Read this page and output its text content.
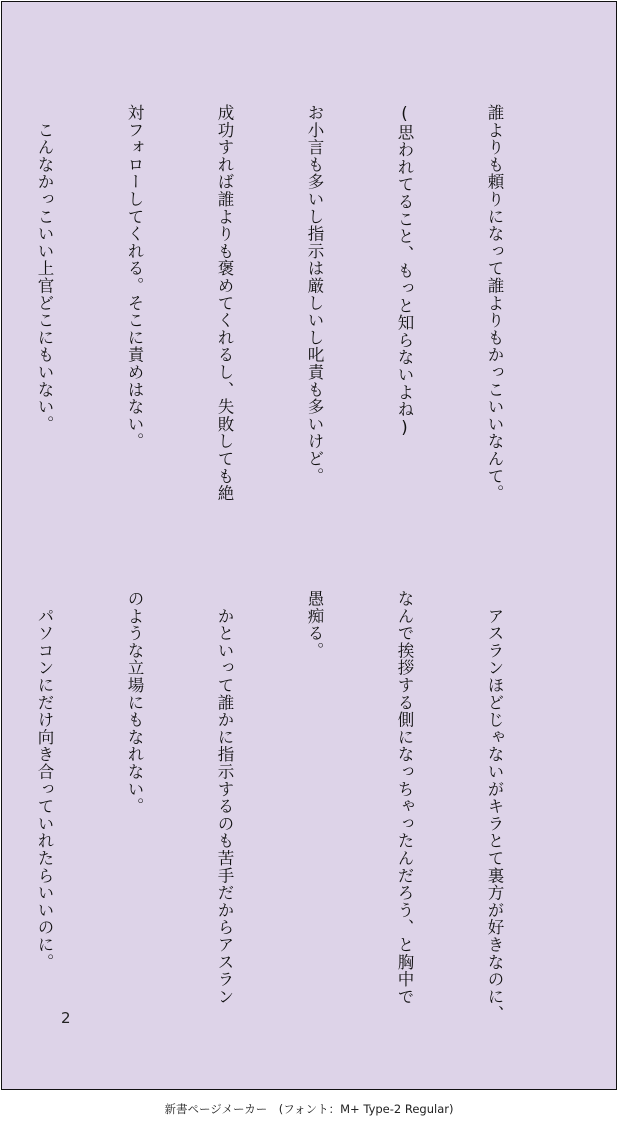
誰よりも頼りになって誰よりもかっこいいなんて。

(思われてること、もっと知らないよね)

お小言も多いし指示は厳しいし叱責も多いけど。

成功すれば誰よりも褒めてくれるし、失敗しても絶

対フォローしてくれる。そこに責めはない。

　こんなかっこいい上官どこにもいない。

　アスランほどじゃないがキラとて裏方が好きなのに、

なんで挨拶する側になっちゃったんだろう、と胸中で

愚痴る。

　かといって誰かに指示するのも苦手だからアスラン

のような立場にもなれない。

　パソコンにだけ向き合っていれたらいいのに。

2
新書ページメーカー　(フォント：M+ Type-2 Regular)
